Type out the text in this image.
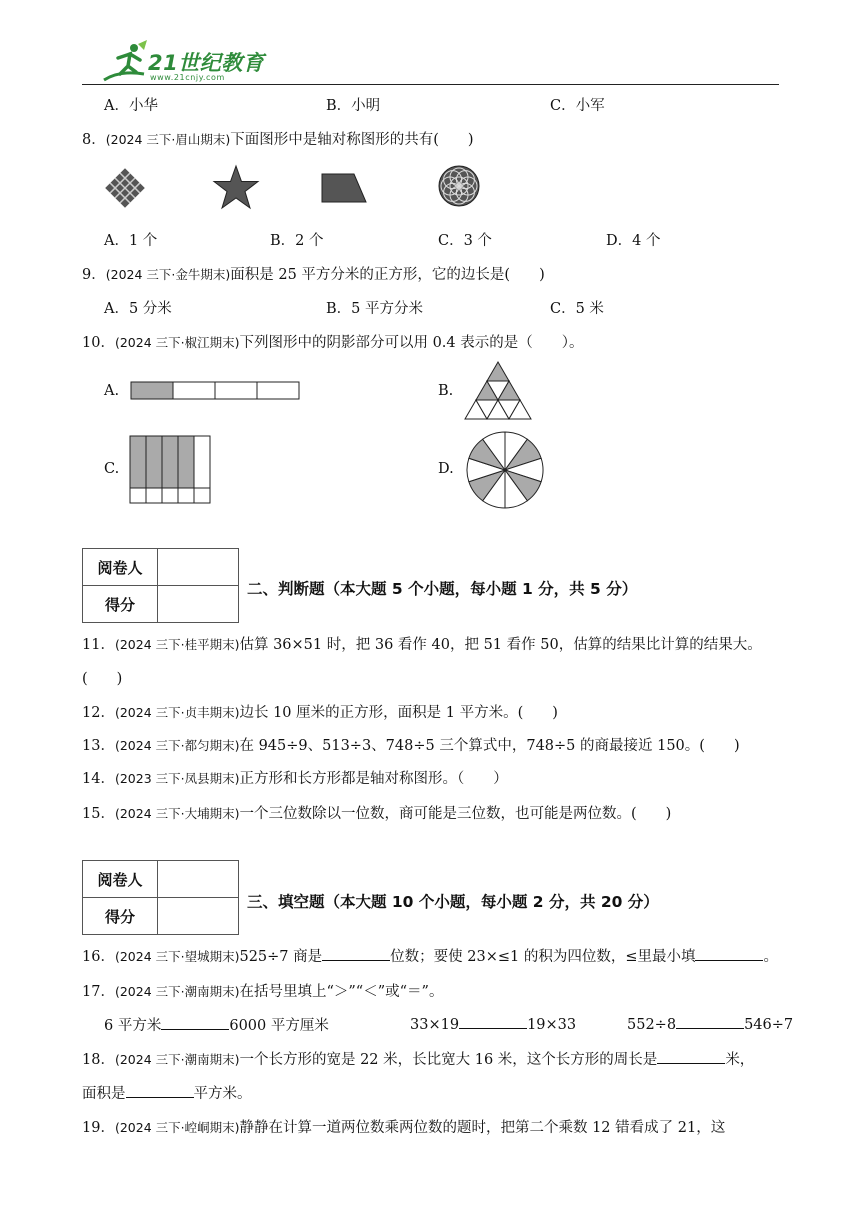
21世纪教育
www.21cnjy.com
A．小华	B．小明	C．小军
8．(2024 三下·眉山期末)下面图形中是轴对称图形的共有(　　)
A．1 个	B．2 个	C．3 个	D．4 个
9．(2024 三下·金牛期末)面积是 25 平方分米的正方形，它的边长是(　　)
A．5 分米	B．5 平方分米	C．5 米
10．(2024 三下·椒江期末)下列图形中的阴影部分可以用 0.4 表示的是（　　）。
A.	B.
C.	D.
阅卷人	
得分	
二、判断题（本大题 5 个小题，每小题 1 分，共 5 分）
11．(2024 三下·桂平期末)估算 36×51 时，把 36 看作 40，把 51 看作 50，估算的结果比计算的结果大。
(　　)
12．(2024 三下·贞丰期末)边长 10 厘米的正方形，面积是 1 平方米。(　　)
13．(2024 三下·都匀期末)在 945÷9、513÷3、748÷5 三个算式中，748÷5 的商最接近 150。(　　)
14．(2023 三下·凤县期末)正方形和长方形都是轴对称图形。（　　）
15．(2024 三下·大埔期末)一个三位数除以一位数，商可能是三位数，也可能是两位数。(　　)
阅卷人	
得分	
三、填空题（本大题 10 个小题，每小题 2 分，共 20 分）
16．(2024 三下·望城期末)525÷7 商是	位数；要使 23×≤1 的积为四位数，≤里最小填	。
17．(2024 三下·潮南期末)在括号里填上“＞”“＜”或“＝”。
6 平方米	6000 平方厘米	33×19	19×33	552÷8	546÷7
18．(2024 三下·潮南期末)一个长方形的宽是 22 米，长比宽大 16 米，这个长方形的周长是	米，
面积是	平方米。
19．(2024 三下·崆峒期末)静静在计算一道两位数乘两位数的题时，把第二个乘数 12 错看成了 21，这
